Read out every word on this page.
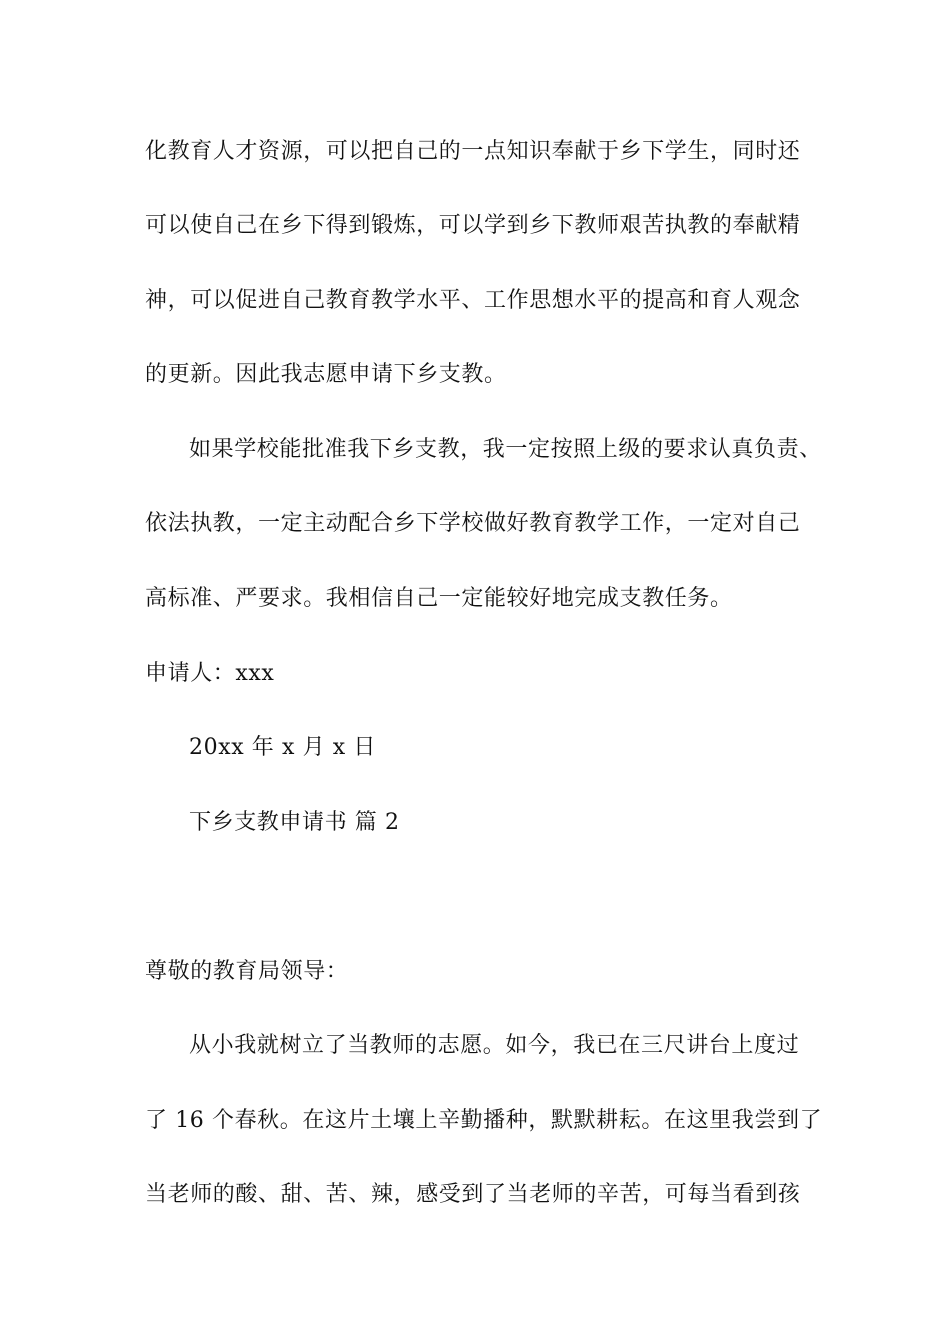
化教育人才资源，可以把自己的一点知识奉献于乡下学生，同时还
可以使自己在乡下得到锻炼，可以学到乡下教师艰苦执教的奉献精
神，可以促进自己教育教学水平、工作思想水平的提高和育人观念
的更新。因此我志愿申请下乡支教。
如果学校能批准我下乡支教，我一定按照上级的要求认真负责、
依法执教，一定主动配合乡下学校做好教育教学工作，一定对自己
高标准、严要求。我相信自己一定能较好地完成支教任务。
申请人：xxx
20xx 年 x 月 x 日
下乡支教申请书 篇 2
尊敬的教育局领导：
从小我就树立了当教师的志愿。如今，我已在三尺讲台上度过
了 16 个春秋。在这片土壤上辛勤播种，默默耕耘。在这里我尝到了
当老师的酸、甜、苦、辣，感受到了当老师的辛苦，可每当看到孩
